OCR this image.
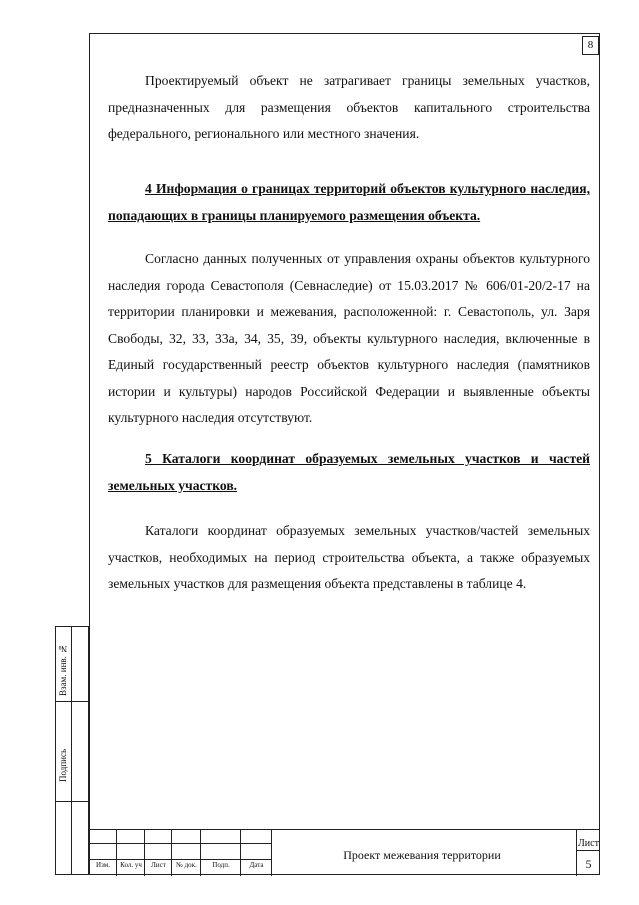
8
Проектируемый объект не затрагивает границы земельных участков, предназначенных для размещения объектов капитального строительства федерального, регионального или местного значения.
4 Информация о границах территорий объектов культурного наследия, попадающих в границы планируемого размещения объекта.
Согласно данных полученных от управления охраны объектов культурного наследия города Севастополя (Севнаследие) от 15.03.2017 № 606/01-20/2-17 на территории планировки и межевания, расположенной: г. Севастополь, ул. Заря Свободы, 32, 33, 33а, 34, 35, 39, объекты культурного наследия, включенные в Единый государственный реестр объектов культурного наследия (памятников истории и культуры) народов Российской Федерации и выявленные объекты культурного наследия отсутствуют.
5 Каталоги координат образуемых земельных участков и частей земельных участков.
Каталоги координат образуемых земельных участков/частей земельных участков, необходимых на период строительства объекта, а также образуемых земельных участков для размещения объекта представлены в таблице 4.
Взам. инв. №
Подпись
Изм.	Кол. уч	Лист	№ док.	Подп.	Дата
Проект межевания территории
Лист
5
